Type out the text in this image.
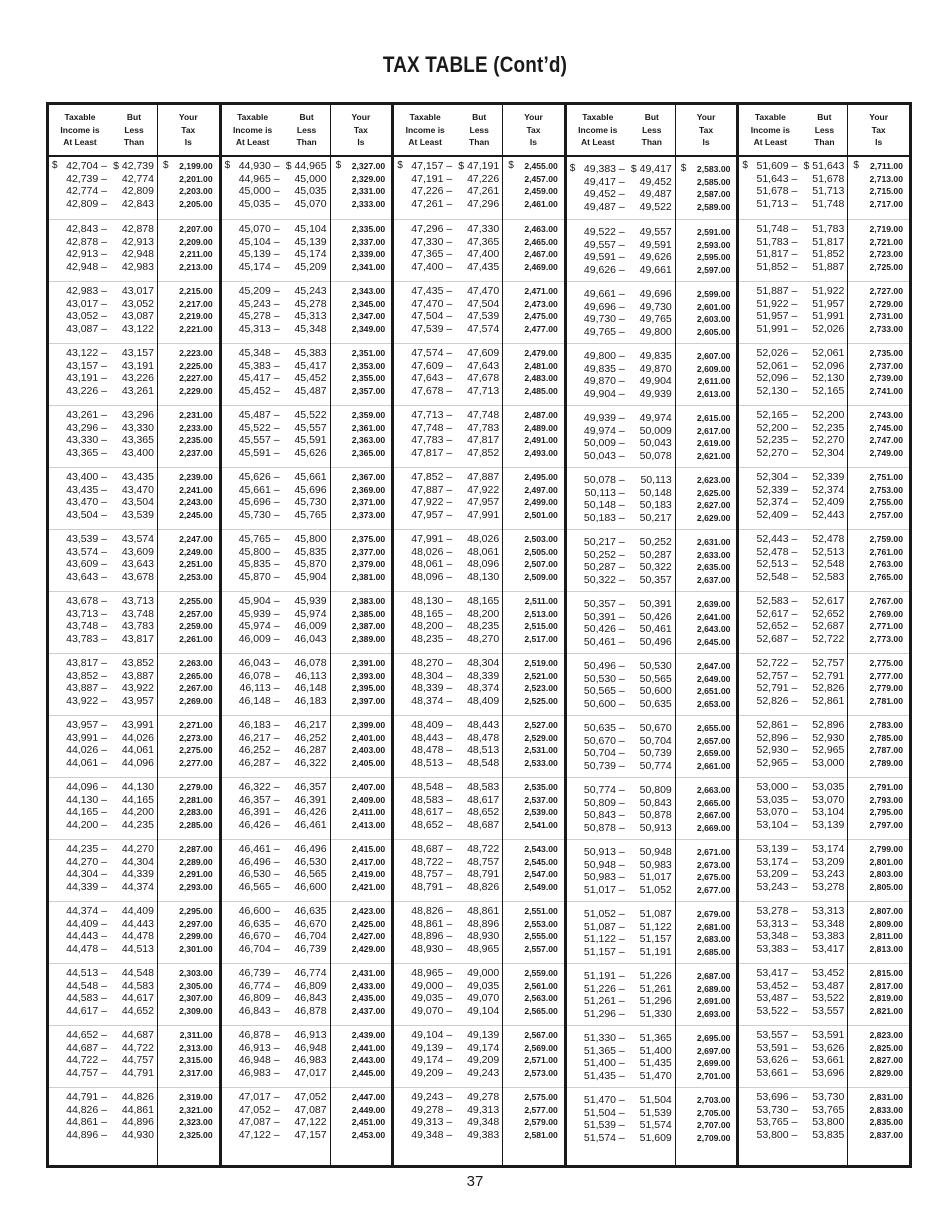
TAX TABLE (Cont’d)
Taxable
Income is
At Least
But
Less
Than
Your
Tax
Is
$ 42,704 – $ 42,739 $ 2,199.00
42,739 –	42,774	2,201.00
42,774 –	42,809	2,203.00
42,809 –	42,843	2,205.00
42,843 –	42,878	2,207.00
42,878 –	42,913	2,209.00
42,913 –	42,948	2,211.00
42,948 –	42,983	2,213.00
42,983 –	43,017	2,215.00
43,017 –	43,052	2,217.00
43,052 –	43,087	2,219.00
43,087 –	43,122	2,221.00
43,122 –	43,157	2,223.00
43,157 –	43,191	2,225.00
43,191 –	43,226	2,227.00
43,226 –	43,261	2,229.00
43,261 –	43,296	2,231.00
43,296 –	43,330	2,233.00
43,330 –	43,365	2,235.00
43,365 –	43,400	2,237.00
43,400 –	43,435	2,239.00
43,435 –	43,470	2,241.00
43,470 –	43,504	2,243.00
43,504 –	43,539	2,245.00
43,539 –	43,574	2,247.00
43,574 –	43,609	2,249.00
43,609 –	43,643	2,251.00
43,643 –	43,678	2,253.00
43,678 –	43,713	2,255.00
43,713 –	43,748	2,257.00
43,748 –	43,783	2,259.00
43,783 –	43,817	2,261.00
43,817 –	43,852	2,263.00
43,852 –	43,887	2,265.00
43,887 –	43,922	2,267.00
43,922 –	43,957	2,269.00
43,957 –	43,991	2,271.00
43,991 –	44,026	2,273.00
44,026 –	44,061	2,275.00
44,061 –	44,096	2,277.00
44,096 –	44,130	2,279.00
44,130 –	44,165	2,281.00
44,165 –	44,200	2,283.00
44,200 –	44,235	2,285.00
44,235 –	44,270	2,287.00
44,270 –	44,304	2,289.00
44,304 –	44,339	2,291.00
44,339 –	44,374	2,293.00
44,374 –	44,409	2,295.00
44,409 –	44,443	2,297.00
44,443 –	44,478	2,299.00
44,478 –	44,513	2,301.00
44,513 –	44,548	2,303.00
44,548 –	44,583	2,305.00
44,583 –	44,617	2,307.00
44,617 –	44,652	2,309.00
44,652 –	44,687	2,311.00
44,687 –	44,722	2,313.00
44,722 –	44,757	2,315.00
44,757 –	44,791	2,317.00
44,791 –	44,826	2,319.00
44,826 –	44,861	2,321.00
44,861 –	44,896	2,323.00
44,896 –	44,930	2,325.00
Taxable
Income is
At Least
But
Less
Than
Your
Tax
Is
$ 44,930 – $ 44,965 $ 2,327.00
44,965 –	45,000	2,329.00
45,000 –	45,035	2,331.00
45,035 –	45,070	2,333.00
45,070 –	45,104	2,335.00
45,104 –	45,139	2,337.00
45,139 –	45,174	2,339.00
45,174 –	45,209	2,341.00
45,209 –	45,243	2,343.00
45,243 –	45,278	2,345.00
45,278 –	45,313	2,347.00
45,313 –	45,348	2,349.00
45,348 –	45,383	2,351.00
45,383 –	45,417	2,353.00
45,417 –	45,452	2,355.00
45,452 –	45,487	2,357.00
45,487 –	45,522	2,359.00
45,522 –	45,557	2,361.00
45,557 –	45,591	2,363.00
45,591 –	45,626	2,365.00
45,626 –	45,661	2,367.00
45,661 –	45,696	2,369.00
45,696 –	45,730	2,371.00
45,730 –	45,765	2,373.00
45,765 –	45,800	2,375.00
45,800 –	45,835	2,377.00
45,835 –	45,870	2,379.00
45,870 –	45,904	2,381.00
45,904 –	45,939	2,383.00
45,939 –	45,974	2,385.00
45,974 –	46,009	2,387.00
46,009 –	46,043	2,389.00
46,043 –	46,078	2,391.00
46,078 –	46,113	2,393.00
46,113 –	46,148	2,395.00
46,148 –	46,183	2,397.00
46,183 –	46,217	2,399.00
46,217 –	46,252	2,401.00
46,252 –	46,287	2,403.00
46,287 –	46,322	2,405.00
46,322 –	46,357	2,407.00
46,357 –	46,391	2,409.00
46,391 –	46,426	2,411.00
46,426 –	46,461	2,413.00
46,461 –	46,496	2,415.00
46,496 –	46,530	2,417.00
46,530 –	46,565	2,419.00
46,565 –	46,600	2,421.00
46,600 –	46,635	2,423.00
46,635 –	46,670	2,425.00
46,670 –	46,704	2,427.00
46,704 –	46,739	2,429.00
46,739 –	46,774	2,431.00
46,774 –	46,809	2,433.00
46,809 –	46,843	2,435.00
46,843 –	46,878	2,437.00
46,878 –	46,913	2,439.00
46,913 –	46,948	2,441.00
46,948 –	46,983	2,443.00
46,983 –	47,017	2,445.00
47,017 –	47,052	2,447.00
47,052 –	47,087	2,449.00
47,087 –	47,122	2,451.00
47,122 –	47,157	2,453.00
Taxable
Income is
At Least
But
Less
Than
Your
Tax
Is
$ 47,157 – $ 47,191 $ 2,455.00
47,191 –	47,226	2,457.00
47,226 –	47,261	2,459.00
47,261 –	47,296	2,461.00
47,296 –	47,330	2,463.00
47,330 –	47,365	2,465.00
47,365 –	47,400	2,467.00
47,400 –	47,435	2,469.00
47,435 –	47,470	2,471.00
47,470 –	47,504	2,473.00
47,504 –	47,539	2,475.00
47,539 –	47,574	2,477.00
47,574 –	47,609	2,479.00
47,609 –	47,643	2,481.00
47,643 –	47,678	2,483.00
47,678 –	47,713	2,485.00
47,713 –	47,748	2,487.00
47,748 –	47,783	2,489.00
47,783 –	47,817	2,491.00
47,817 –	47,852	2,493.00
47,852 –	47,887	2,495.00
47,887 –	47,922	2,497.00
47,922 –	47,957	2,499.00
47,957 –	47,991	2,501.00
47,991 –	48,026	2,503.00
48,026 –	48,061	2,505.00
48,061 –	48,096	2,507.00
48,096 –	48,130	2,509.00
48,130 –	48,165	2,511.00
48,165 –	48,200	2,513.00
48,200 –	48,235	2,515.00
48,235 –	48,270	2,517.00
48,270 –	48,304	2,519.00
48,304 –	48,339	2,521.00
48,339 –	48,374	2,523.00
48,374 –	48,409	2,525.00
48,409 –	48,443	2,527.00
48,443 –	48,478	2,529.00
48,478 –	48,513	2,531.00
48,513 –	48,548	2,533.00
48,548 –	48,583	2,535.00
48,583 –	48,617	2,537.00
48,617 –	48,652	2,539.00
48,652 –	48,687	2,541.00
48,687 –	48,722	2,543.00
48,722 –	48,757	2,545.00
48,757 –	48,791	2,547.00
48,791 –	48,826	2,549.00
48,826 –	48,861	2,551.00
48,861 –	48,896	2,553.00
48,896 –	48,930	2,555.00
48,930 –	48,965	2,557.00
48,965 –	49,000	2,559.00
49,000 –	49,035	2,561.00
49,035 –	49,070	2,563.00
49,070 –	49,104	2,565.00
49,104 –	49,139	2,567.00
49,139 –	49,174	2,569.00
49,174 –	49,209	2,571.00
49,209 –	49,243	2,573.00
49,243 –	49,278	2,575.00
49,278 –	49,313	2,577.00
49,313 –	49,348	2,579.00
49,348 –	49,383	2,581.00
Taxable
Income is
At Least
But
Less
Than
Your
Tax
Is
$ 49,383 – $ 49,417 $ 2,583.00
49,417 –	49,452	2,585.00
49,452 –	49,487	2,587.00
49,487 –	49,522	2,589.00
49,522 –	49,557	2,591.00
49,557 –	49,591	2,593.00
49,591 –	49,626	2,595.00
49,626 –	49,661	2,597.00
49,661 –	49,696	2,599.00
49,696 –	49,730	2,601.00
49,730 –	49,765	2,603.00
49,765 –	49,800	2,605.00
49,800 –	49,835	2,607.00
49,835 –	49,870	2,609.00
49,870 –	49,904	2,611.00
49,904 –	49,939	2,613.00
49,939 –	49,974	2,615.00
49,974 –	50,009	2,617.00
50,009 –	50,043	2,619.00
50,043 –	50,078	2,621.00
50,078 –	50,113	2,623.00
50,113 –	50,148	2,625.00
50,148 –	50,183	2,627.00
50,183 –	50,217	2,629.00
50,217 –	50,252	2,631.00
50,252 –	50,287	2,633.00
50,287 –	50,322	2,635.00
50,322 –	50,357	2,637.00
50,357 –	50,391	2,639.00
50,391 –	50,426	2,641.00
50,426 –	50,461	2,643.00
50,461 –	50,496	2,645.00
50,496 –	50,530	2,647.00
50,530 –	50,565	2,649.00
50,565 –	50,600	2,651.00
50,600 –	50,635	2,653.00
50,635 –	50,670	2,655.00
50,670 –	50,704	2,657.00
50,704 –	50,739	2,659.00
50,739 –	50,774	2,661.00
50,774 –	50,809	2,663.00
50,809 –	50,843	2,665.00
50,843 –	50,878	2,667.00
50,878 –	50,913	2,669.00
50,913 –	50,948	2,671.00
50,948 –	50,983	2,673.00
50,983 –	51,017	2,675.00
51,017 –	51,052	2,677.00
51,052 –	51,087	2,679.00
51,087 –	51,122	2,681.00
51,122 –	51,157	2,683.00
51,157 –	51,191	2,685.00
51,191 –	51,226	2,687.00
51,226 –	51,261	2,689.00
51,261 –	51,296	2,691.00
51,296 –	51,330	2,693.00
51,330 –	51,365	2,695.00
51,365 –	51,400	2,697.00
51,400 –	51,435	2,699.00
51,435 –	51,470	2,701.00
51,470 –	51,504	2,703.00
51,504 –	51,539	2,705.00
51,539 –	51,574	2,707.00
51,574 –	51,609	2,709.00
Taxable
Income is
At Least
But
Less
Than
Your
Tax
Is
$ 51,609 – $ 51,643 $ 2,711.00
51,643 –	51,678	2,713.00
51,678 –	51,713	2,715.00
51,713 –	51,748	2,717.00
51,748 –	51,783	2,719.00
51,783 –	51,817	2,721.00
51,817 –	51,852	2,723.00
51,852 –	51,887	2,725.00
51,887 –	51,922	2,727.00
51,922 –	51,957	2,729.00
51,957 –	51,991	2,731.00
51,991 –	52,026	2,733.00
52,026 –	52,061	2,735.00
52,061 –	52,096	2,737.00
52,096 –	52,130	2,739.00
52,130 –	52,165	2,741.00
52,165 –	52,200	2,743.00
52,200 –	52,235	2,745.00
52,235 –	52,270	2,747.00
52,270 –	52,304	2,749.00
52,304 –	52,339	2,751.00
52,339 –	52,374	2,753.00
52,374 –	52,409	2,755.00
52,409 –	52,443	2,757.00
52,443 –	52,478	2,759.00
52,478 –	52,513	2,761.00
52,513 –	52,548	2,763.00
52,548 –	52,583	2,765.00
52,583 –	52,617	2,767.00
52,617 –	52,652	2,769.00
52,652 –	52,687	2,771.00
52,687 –	52,722	2,773.00
52,722 –	52,757	2,775.00
52,757 –	52,791	2,777.00
52,791 –	52,826	2,779.00
52,826 –	52,861	2,781.00
52,861 –	52,896	2,783.00
52,896 –	52,930	2,785.00
52,930 –	52,965	2,787.00
52,965 –	53,000	2,789.00
53,000 –	53,035	2,791.00
53,035 –	53,070	2,793.00
53,070 –	53,104	2,795.00
53,104 –	53,139	2,797.00
53,139 –	53,174	2,799.00
53,174 –	53,209	2,801.00
53,209 –	53,243	2,803.00
53,243 –	53,278	2,805.00
53,278 –	53,313	2,807.00
53,313 –	53,348	2,809.00
53,348 –	53,383	2,811.00
53,383 –	53,417	2,813.00
53,417 –	53,452	2,815.00
53,452 –	53,487	2,817.00
53,487 –	53,522	2,819.00
53,522 –	53,557	2,821.00
53,557 –	53,591	2,823.00
53,591 –	53,626	2,825.00
53,626 –	53,661	2,827.00
53,661 –	53,696	2,829.00
53,696 –	53,730	2,831.00
53,730 –	53,765	2,833.00
53,765 –	53,800	2,835.00
53,800 –	53,835	2,837.00
37
